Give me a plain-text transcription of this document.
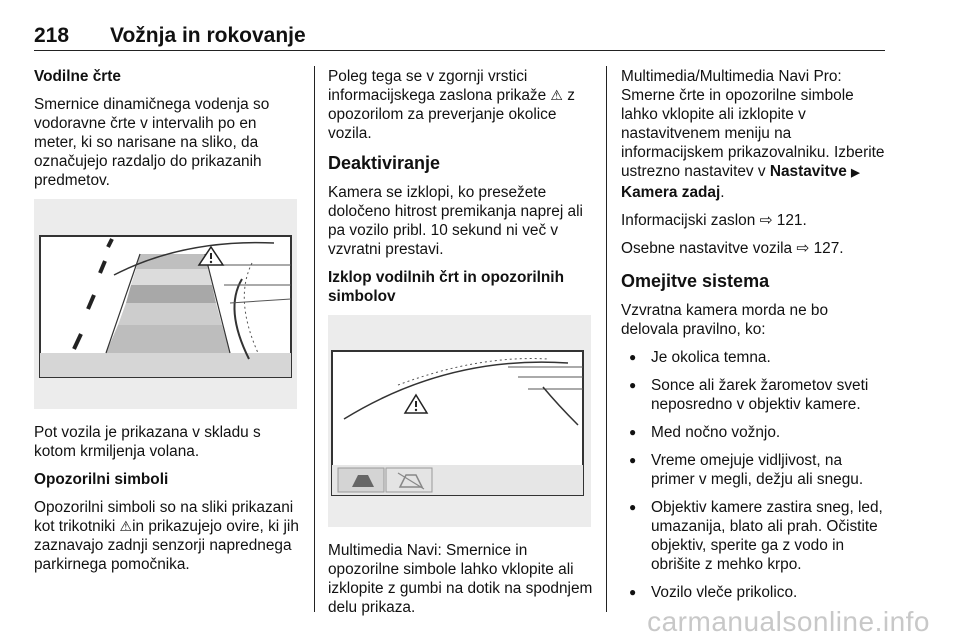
218 Vožnja in rokovanje

Vodilne črte

Smernice dinamičnega vodenja so vodoravne črte v intervalih po en meter, ki so narisane na sliko, da označujejo razdaljo do prikazanih predmetov.

Pot vozila je prikazana v skladu s kotom krmiljenja volana.

Opozorilni simboli

Opozorilni simboli so na sliki prikazani kot trikotniki ⚠in prikazujejo ovire, ki jih zaznavajo zadnji senzorji naprednega parkirnega pomočnika.

Poleg tega se v zgornji vrstici informacijskega zaslona prikaže ⚠ z opozorilom za preverjanje okolice vozila.

Deaktiviranje

Kamera se izklopi, ko presežete določeno hitrost premikanja naprej ali pa vozilo pribl. 10 sekund ni več v vzvratni prestavi.

Izklop vodilnih črt in opozorilnih simbolov

Multimedia Navi: Smernice in opozorilne simbole lahko vklopite ali izklopite z gumbi na dotik na spodnjem delu prikaza.

Multimedia/Multimedia Navi Pro: Smerne črte in opozorilne simbole lahko vklopite ali izklopite v nastavitvenem meniju na informacijskem prikazovalniku. Izberite ustrezno nastavitev v Nastavitve ▶ Kamera zadaj.

Informacijski zaslon ⇨ 121.

Osebne nastavitve vozila ⇨ 127.

Omejitve sistema

Vzvratna kamera morda ne bo delovala pravilno, ko:

● Je okolica temna.
● Sonce ali žarek žarometov sveti neposredno v objektiv kamere.
● Med nočno vožnjo.
● Vreme omejuje vidljivost, na primer v megli, dežju ali snegu.
● Objektiv kamere zastira sneg, led, umazanija, blato ali prah. Očistite objektiv, sperite ga z vodo in obrišite z mehko krpo.
● Vozilo vleče prikolico.
carmanualsonline.info
